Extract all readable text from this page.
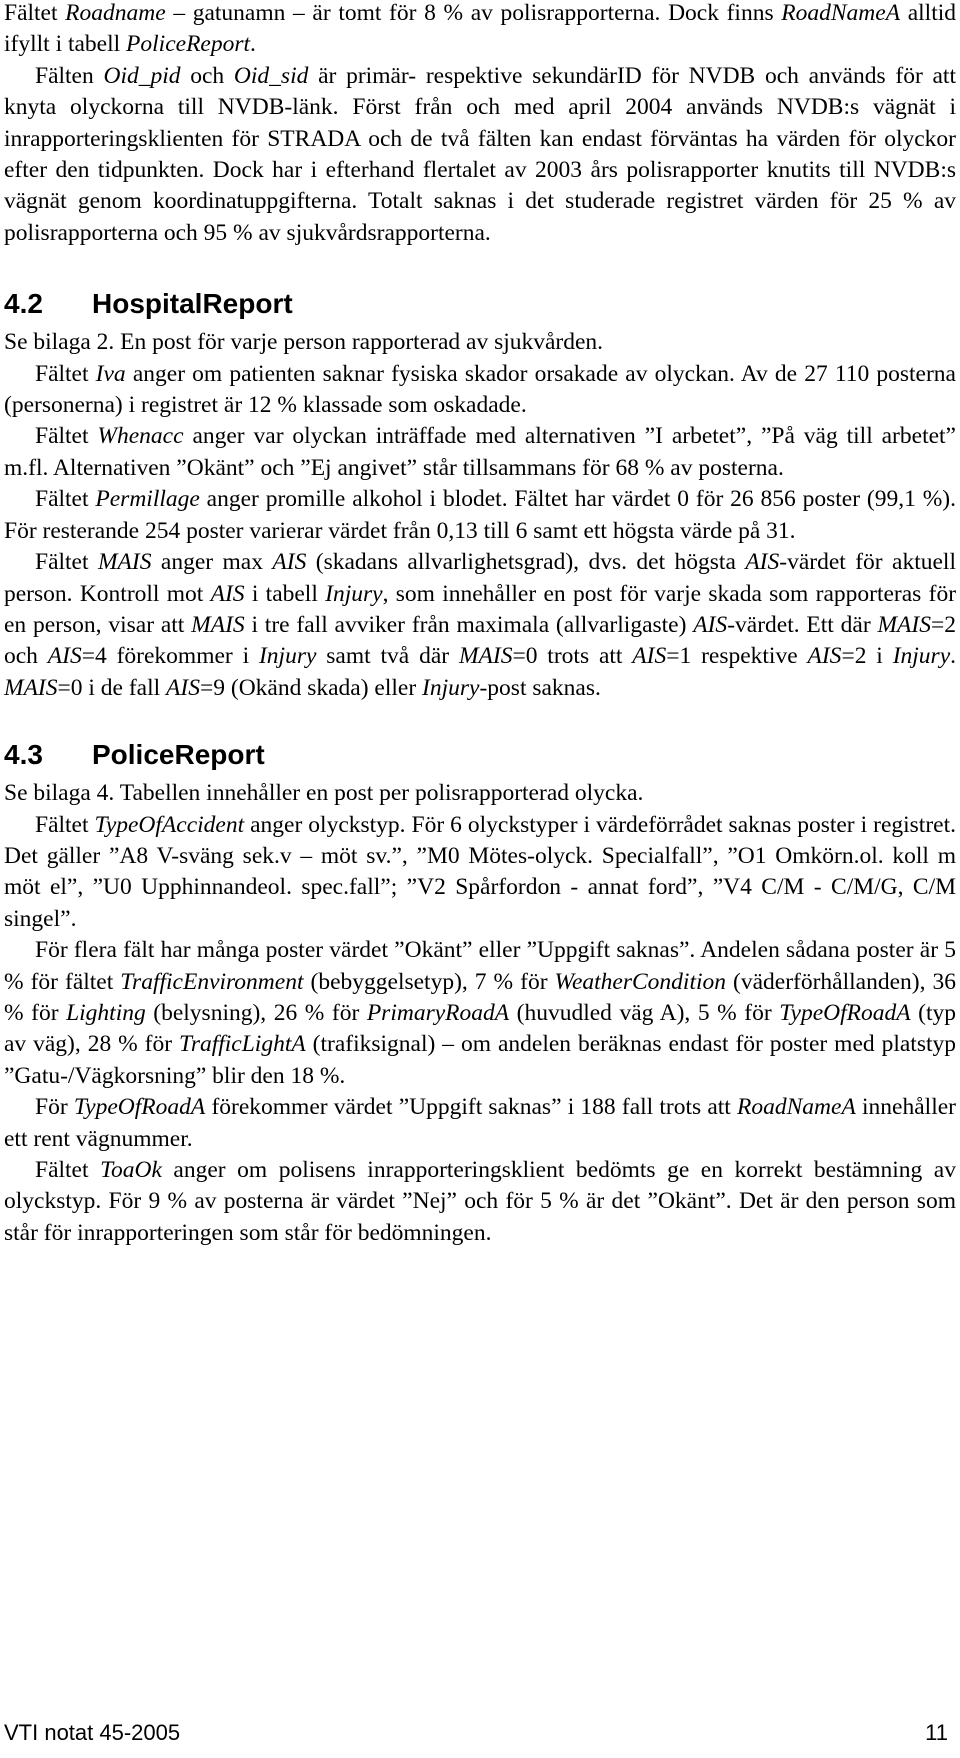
Fältet Roadname – gatunamn – är tomt för 8 % av polisrapporterna. Dock finns RoadNameA alltid ifyllt i tabell PoliceReport.

Fälten Oid_pid och Oid_sid är primär- respektive sekundärID för NVDB och används för att knyta olyckorna till NVDB-länk. Först från och med april 2004 används NVDB:s vägnät i inrapporteringsklienten för STRADA och de två fälten kan endast förväntas ha värden för olyckor efter den tidpunkten. Dock har i efterhand flertalet av 2003 års polisrapporter knutits till NVDB:s vägnät genom koordinatuppgifterna. Totalt saknas i det studerade registret värden för 25 % av polisrapporterna och 95 % av sjukvårdsrapporterna.

4.2	HospitalReport

Se bilaga 2. En post för varje person rapporterad av sjukvården.

Fältet Iva anger om patienten saknar fysiska skador orsakade av olyckan. Av de 27 110 posterna (personerna) i registret är 12 % klassade som oskadade.

Fältet Whenacc anger var olyckan inträffade med alternativen ”I arbetet”, ”På väg till arbetet” m.fl. Alternativen ”Okänt” och ”Ej angivet” står tillsammans för 68 % av posterna.

Fältet Permillage anger promille alkohol i blodet. Fältet har värdet 0 för 26 856 poster (99,1 %). För resterande 254 poster varierar värdet från 0,13 till 6 samt ett högsta värde på 31.

Fältet MAIS anger max AIS (skadans allvarlighetsgrad), dvs. det högsta AIS-värdet för aktuell person. Kontroll mot AIS i tabell Injury, som innehåller en post för varje skada som rapporteras för en person, visar att MAIS i tre fall avviker från maximala (allvarligaste) AIS-värdet. Ett där MAIS=2 och AIS=4 förekommer i Injury samt två där MAIS=0 trots att AIS=1 respektive AIS=2 i Injury. MAIS=0 i de fall AIS=9 (Okänd skada) eller Injury-post saknas.

4.3	PoliceReport

Se bilaga 4. Tabellen innehåller en post per polisrapporterad olycka.

Fältet TypeOfAccident anger olyckstyp. För 6 olyckstyper i värdeförrådet saknas poster i registret. Det gäller ”A8 V-sväng sek.v – möt sv.”, ”M0 Mötes-olyck. Specialfall”, ”O1 Omkörn.ol. koll m möt el”, ”U0 Upphinnandeol. spec.fall”; ”V2 Spårfordon - annat ford”, ”V4 C/M - C/M/G, C/M singel”.

För flera fält har många poster värdet ”Okänt” eller ”Uppgift saknas”. Andelen sådana poster är 5 % för fältet TrafficEnvironment (bebyggelsetyp), 7 % för WeatherCondition (väderförhållanden), 36 % för Lighting (belysning), 26 % för PrimaryRoadA (huvudled väg A), 5 % för TypeOfRoadA (typ av väg), 28 % för TrafficLightA (trafiksignal) – om andelen beräknas endast för poster med platstyp ”Gatu-/Vägkorsning” blir den 18 %.

För TypeOfRoadA förekommer värdet ”Uppgift saknas” i 188 fall trots att RoadNameA innehåller ett rent vägnummer.

Fältet ToaOk anger om polisens inrapporteringsklient bedömts ge en korrekt bestämning av olyckstyp. För 9 % av posterna är värdet ”Nej” och för 5 % är det ”Okänt”. Det är den person som står för inrapporteringen som står för bedömningen.

VTI notat 45-2005	11
